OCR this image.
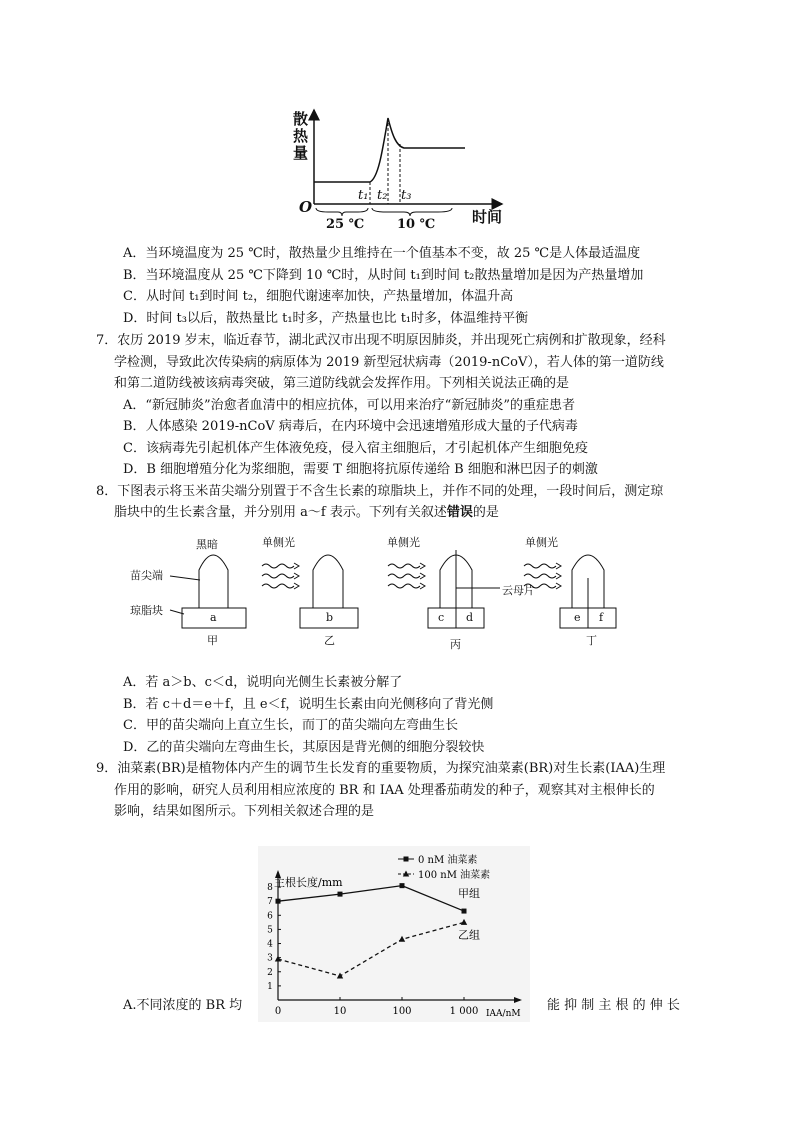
散
热
量
O
时间
t₁ t₂ t₃
25 ℃	10 ℃
A．当环境温度为 25 ℃时，散热量少且维持在一个值基本不变，故 25 ℃是人体最适温度
B．当环境温度从 25 ℃下降到 10 ℃时，从时间 t₁到时间 t₂散热量增加是因为产热量增加
C．从时间 t₁到时间 t₂，细胞代谢速率加快，产热量增加，体温升高
D．时间 t₃以后，散热量比 t₁时多，产热量也比 t₁时多，体温维持平衡
7．农历 2019 岁末，临近春节，湖北武汉市出现不明原因肺炎，并出现死亡病例和扩散现象，经科
学检测，导致此次传染病的病原体为 2019 新型冠状病毒（2019-nCoV），若人体的第一道防线
和第二道防线被该病毒突破，第三道防线就会发挥作用。下列相关说法正确的是
A．“新冠肺炎”治愈者血清中的相应抗体，可以用来治疗“新冠肺炎”的重症患者
B．人体感染 2019-nCoV 病毒后，在内环境中会迅速增殖形成大量的子代病毒
C．该病毒先引起机体产生体液免疫，侵入宿主细胞后，才引起机体产生细胞免疫
D．B 细胞增殖分化为浆细胞，需要 T 细胞将抗原传递给 B 细胞和淋巴因子的刺激
8．下图表示将玉米苗尖端分别置于不含生长素的琼脂块上，并作不同的处理，一段时间后，测定琼
脂块中的生长素含量，并分别用 a～f 表示。下列有关叙述错误的是
黑暗	单侧光	单侧光	单侧光
苗尖端
琼脂块
云母片
a	b	c d	e f
甲	乙	丙	丁
A．若 a＞b、c＜d，说明向光侧生长素被分解了
B．若 c＋d＝e＋f，且 e＜f，说明生长素由向光侧移向了背光侧
C．甲的苗尖端向上直立生长，而丁的苗尖端向左弯曲生长
D．乙的苗尖端向左弯曲生长，其原因是背光侧的细胞分裂较快
9．油菜素(BR)是植物体内产生的调节生长发育的重要物质，为探究油菜素(BR)对生长素(IAA)生理
作用的影响，研究人员利用相应浓度的 BR 和 IAA 处理番茄萌发的种子，观察其对主根伸长的
影响，结果如图所示。下列相关叙述合理的是
1
2
3
4
5
6
7
8
0	10	100	1 000
主根长度/mm
IAA/nM
甲组
0 nM 油菜素
乙组
100 nM 油菜素
A.不同浓度的 BR 均	能 抑 制 主 根 的 伸 长
